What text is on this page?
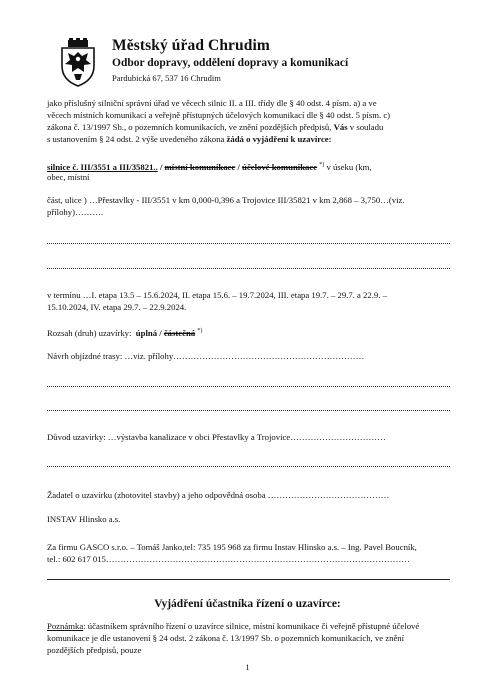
Městský úřad Chrudim
Odbor dopravy, oddělení dopravy a komunikací
Pardubická 67, 537 16 Chrudim
jako příslušný silniční správní úřad ve věcech silnic II. a III. třídy dle § 40 odst. 4 písm. a) a ve
věcech místních komunikací a veřejně přístupných účelových komunikací dle § 40 odst. 5 písm. c)
zákona č. 13/1997 Sb., o pozemních komunikacích, ve znění pozdějších předpisů, Vás v souladu
s ustanovením § 24 odst. 2 výše uvedeného zákona žádá o vyjádření k uzavírce:
silnice č. III/3551 a III/35821.. / místní komunikace / účelové komunikace *) v úseku (km,
obec, místní
část, ulice ) …Přestavlky - III/3551 v km 0,000-0,396 a Trojovice III/35821 v km 2,868 – 3,750…(viz.
přílohy)……….
v termínu …I. etapa 13.5 – 15.6.2024, II. etapa 15.6. – 19.7.2024, III. etapa 19.7. – 29.7. a 22.9. –
15.10.2024, IV. etapa 29.7. – 22.9.2024.
Rozsah (druh) uzavírky: úplná / částečná *)
Návrh objízdné trasy: …viz. přílohy…………………………………………………………
Důvod uzavírky: …výstavba kanalizace v obci Přestavlky a Trojovice……………………………
Žadatel o uzavírku (zhotovitel stavby) a jeho odpovědná osoba ……………………………………
INSTAV Hlinsko a.s.
Za firmu GASCO s.r.o. – Tomáš Janko,tel: 735 195 968 za firmu Instav Hlinsko a.s. – Ing. Pavel Boucník,
tel.: 602 617 015……………………………………………………………………………………………
Vyjádření účastníka řízení o uzavírce:
Poznámka: účastníkem správního řízení o uzavírce silnice, místní komunikace či veřejně přístupné účelové
komunikace je dle ustanovení § 24 odst. 2 zákona č. 13/1997 Sb. o pozemních komunikacích, ve znění
pozdějších předpisů, pouze
1
